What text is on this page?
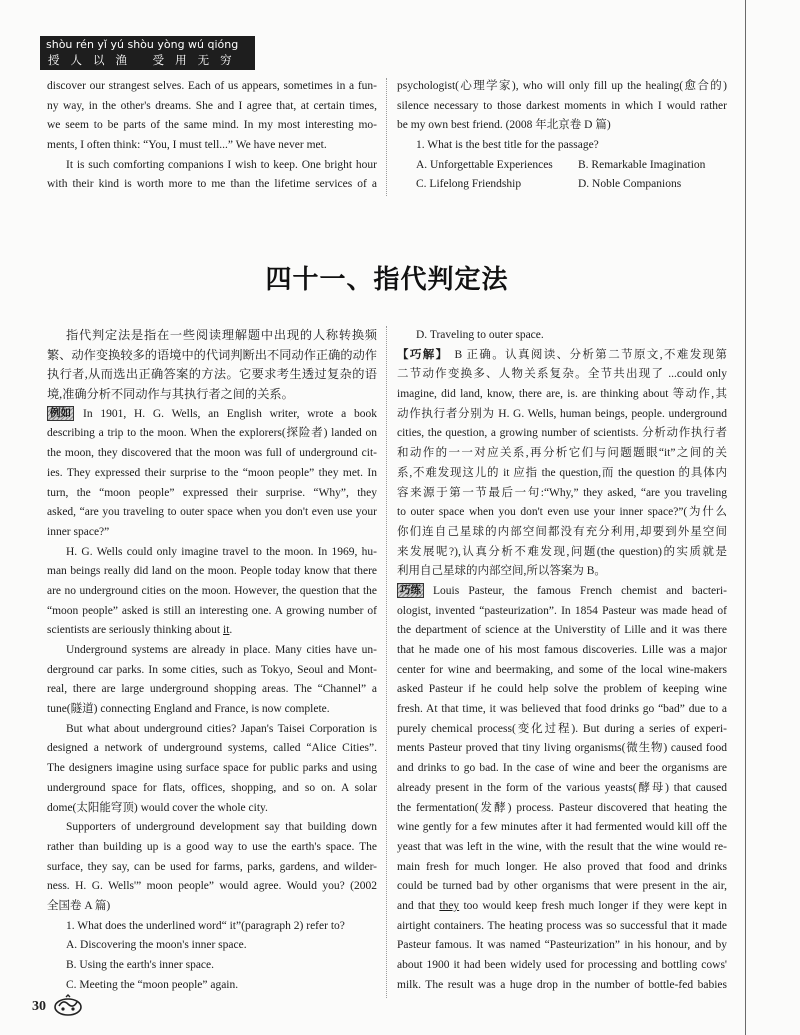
shòu rén yǐ yú shòu yòng wú qióng
授人以渔 受用无穷
discover our strangest selves. Each of us appears, sometimes in a fun-
ny way, in the other's dreams. She and I agree that, at certain times,
we seem to be parts of the same mind. In my most interesting mo-
ments, I often think: “You, I must tell...” We have never met.
It is such comforting companions I wish to keep. One bright hour
with their kind is worth more to me than the lifetime services of a
psychologist(心理学家), who will only fill up the healing(愈合的)
silence necessary to those darkest moments in which I would rather
be my own best friend. (2008 年北京卷 D 篇)
1. What is the best title for the passage?
A. Unforgettable Experiences B. Remarkable Imagination
C. Lifelong Friendship	D. Noble Companions
四十一、指代判定法
指代判定法是指在一些阅读理解题中出现的人称转换频
繁、动作变换较多的语境中的代词判断出不同动作正确的动作
执行者,从而选出正确答案的方法。它要求考生透过复杂的语
境,准确分析不同动作与其执行者之间的关系。
例如 In 1901, H. G. Wells, an English writer, wrote a book
describing a trip to the moon. When the explorers(探险者) landed on
the moon, they discovered that the moon was full of underground cit-
ies. They expressed their surprise to the “moon people” they met. In
turn, the “moon people” expressed their surprise. “Why”, they
asked, “are you traveling to outer space when you don't even use your
inner space?”
H. G. Wells could only imagine travel to the moon. In 1969, hu-
man beings really did land on the moon. People today know that there
are no underground cities on the moon. However, the question that the
“moon people” asked is still an interesting one. A growing number of
scientists are seriously thinking about it.
Underground systems are already in place. Many cities have un-
derground car parks. In some cities, such as Tokyo, Seoul and Mont-
real, there are large underground shopping areas. The “Channel” a
tune(隧道) connecting England and France, is now complete.
But what about underground cities? Japan's Taisei Corporation is
designed a network of underground systems, called “Alice Cities”.
The designers imagine using surface space for public parks and using
underground space for flats, offices, shopping, and so on. A solar
dome(太阳能穹顶) would cover the whole city.
Supporters of underground development say that building down
rather than building up is a good way to use the earth's space. The
surface, they say, can be used for farms, parks, gardens, and wilder-
ness. H. G. Wells'” moon people” would agree. Would you? (2002
全国卷 A 篇)
1. What does the underlined word“ it”(paragraph 2) refer to?
A. Discovering the moon's inner space.
B. Using the earth's inner space.
C. Meeting the “moon people” again.
D. Traveling to outer space.
【巧解】 B 正确。认真阅读、分析第二节原文,不难发现第
二节动作变换多、人物关系复杂。全节共出现了 ...could only
imagine, did land, know, there are, is. are thinking about 等动作,其
动作执行者分别为 H. G. Wells, human beings, people. underground
cities, the question, a growing number of scientists. 分析动作执行者
和动作的一一对应关系,再分析它们与问题题眼“it”之间的关
系,不难发现这儿的 it 应指 the question,而 the question 的具体内
容来源于第一节最后一句:“Why,” they asked, “are you traveling
to outer space when you don't even use your inner space?”(为什么
你们连自己星球的内部空间都没有充分利用,却要到外星空间
来发展呢?),认真分析不难发现,问题(the question)的实质就是
利用自己星球的内部空间,所以答案为 B。
巧练 Louis Pasteur, the famous French chemist and bacteri-
ologist, invented “pasteurization”. In 1854 Pasteur was made head of
the department of science at the Universtity of Lille and it was there
that he made one of his most famous discoveries. Lille was a major
center for wine and beermaking, and some of the local wine-makers
asked Pasteur if he could help solve the problem of keeping wine
fresh. At that time, it was believed that food drinks go “bad” due to a
purely chemical process(变化过程). But during a series of experi-
ments Pasteur proved that tiny living organisms(微生物) caused food
and drinks to go bad. In the case of wine and beer the organisms are
already present in the form of the various yeasts(酵母) that caused
the fermentation(发酵) process. Pasteur discovered that heating the
wine gently for a few minutes after it had fermented would kill off the
yeast that was left in the wine, with the result that the wine would re-
main fresh for much longer. He also proved that food and drinks
could be turned bad by other organisms that were present in the air,
and that they too would keep fresh much longer if they were kept in
airtight containers. The heating process was so successful that it made
Pasteur famous. It was named “Pasteurization” in his honour, and by
about 1900 it had been widely used for processing and bottling cows'
milk. The result was a huge drop in the number of bottle-fed babies
30
